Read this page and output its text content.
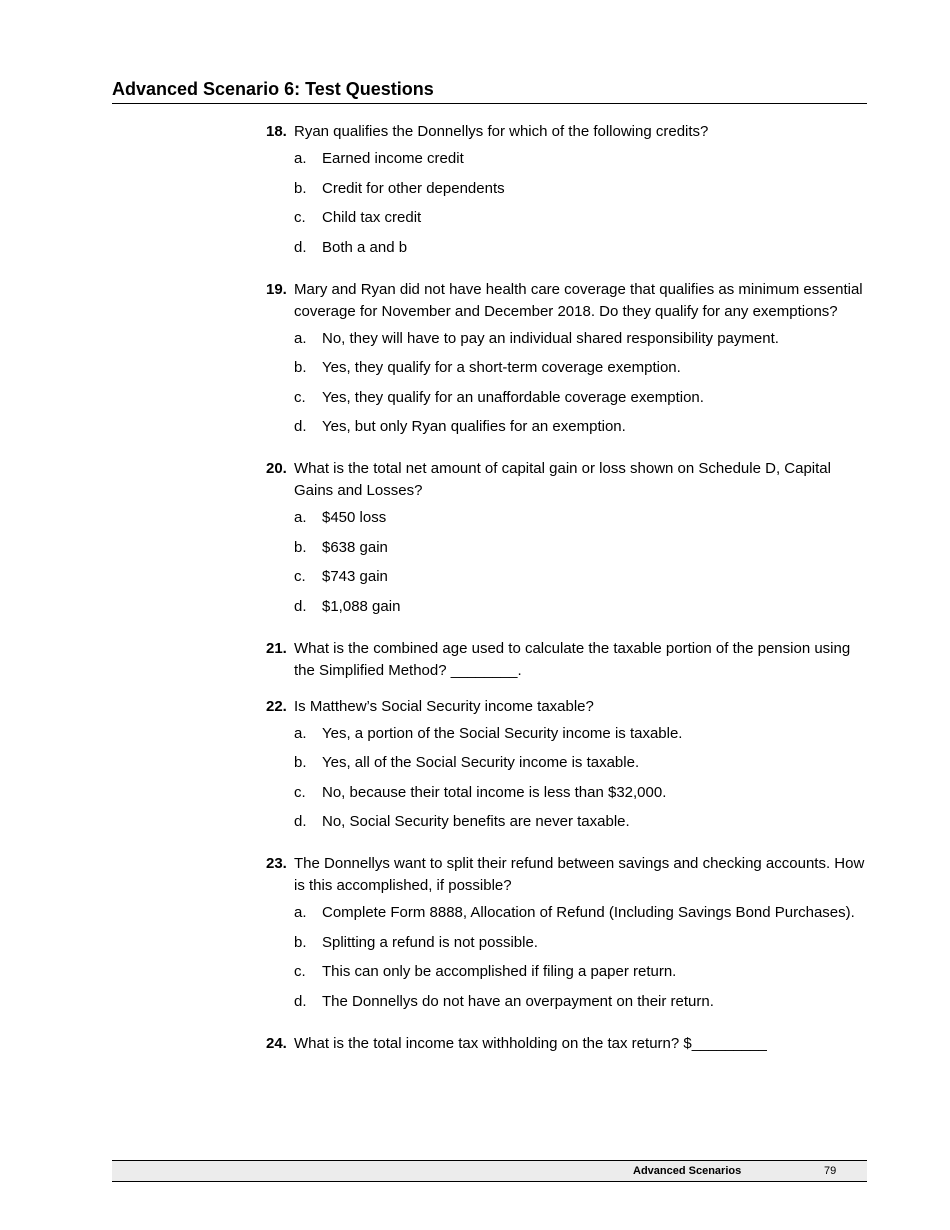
Advanced Scenario 6: Test Questions
18. Ryan qualifies the Donnellys for which of the following credits?
a. Earned income credit
b. Credit for other dependents
c. Child tax credit
d. Both a and b
19. Mary and Ryan did not have health care coverage that qualifies as minimum essential coverage for November and December 2018. Do they qualify for any exemptions?
a. No, they will have to pay an individual shared responsibility payment.
b. Yes, they qualify for a short-term coverage exemption.
c. Yes, they qualify for an unaffordable coverage exemption.
d. Yes, but only Ryan qualifies for an exemption.
20. What is the total net amount of capital gain or loss shown on Schedule D, Capital Gains and Losses?
a. $450 loss
b. $638 gain
c. $743 gain
d. $1,088 gain
21. What is the combined age used to calculate the taxable portion of the pension using the Simplified Method? ________.
22. Is Matthew’s Social Security income taxable?
a. Yes, a portion of the Social Security income is taxable.
b. Yes, all of the Social Security income is taxable.
c. No, because their total income is less than $32,000.
d. No, Social Security benefits are never taxable.
23. The Donnellys want to split their refund between savings and checking accounts. How is this accomplished, if possible?
a. Complete Form 8888, Allocation of Refund (Including Savings Bond Purchases).
b. Splitting a refund is not possible.
c. This can only be accomplished if filing a paper return.
d. The Donnellys do not have an overpayment on their return.
24. What is the total income tax withholding on the tax return? $_________
Advanced Scenarios	79
